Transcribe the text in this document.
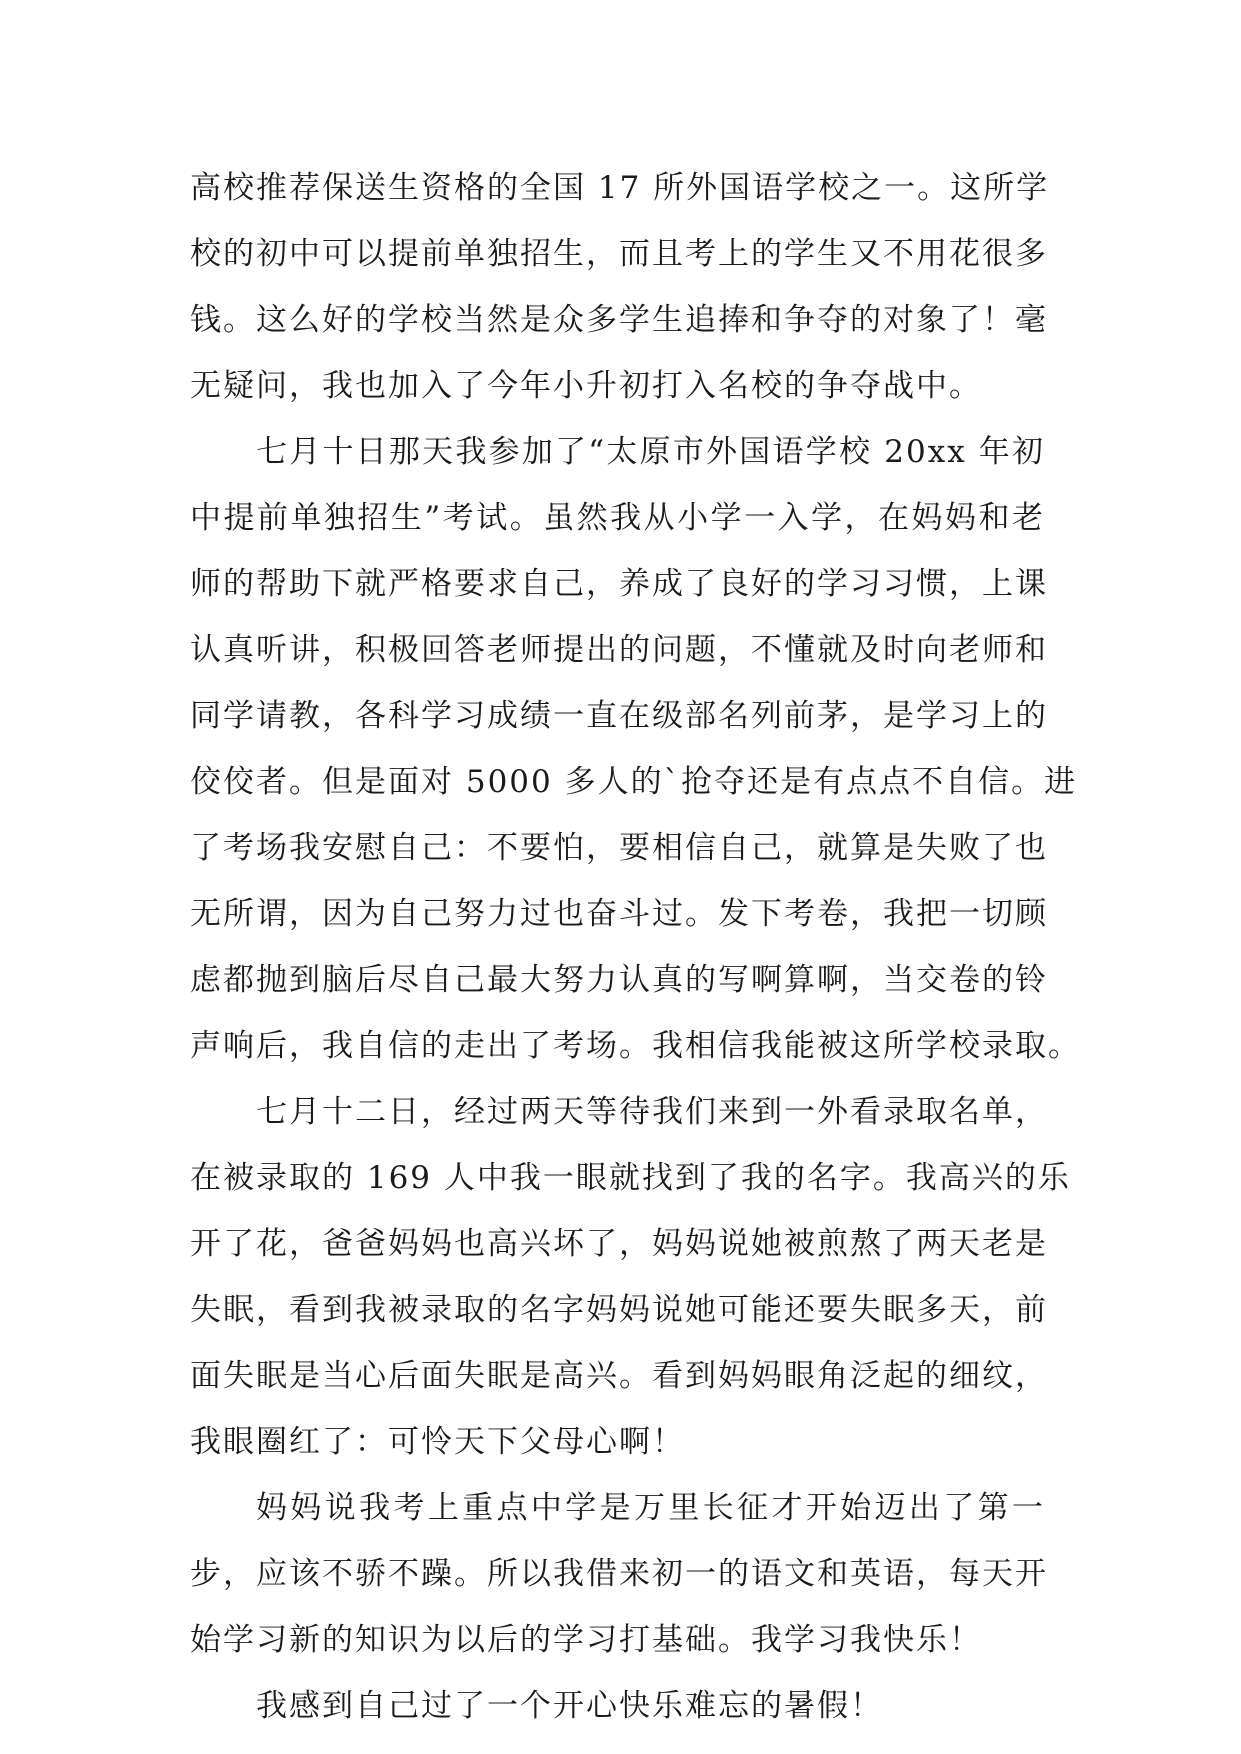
高校推荐保送生资格的全国 17 所外国语学校之一。这所学
校的初中可以提前单独招生，而且考上的学生又不用花很多
钱。这么好的学校当然是众多学生追捧和争夺的对象了！毫
无疑问，我也加入了今年小升初打入名校的争夺战中。
七月十日那天我参加了“太原市外国语学校 20xx 年初
中提前单独招生”考试。虽然我从小学一入学，在妈妈和老
师的帮助下就严格要求自己，养成了良好的学习习惯，上课
认真听讲，积极回答老师提出的问题，不懂就及时向老师和
同学请教，各科学习成绩一直在级部名列前茅，是学习上的
佼佼者。但是面对 5000 多人的`抢夺还是有点点不自信。进
了考场我安慰自己：不要怕，要相信自己，就算是失败了也
无所谓，因为自己努力过也奋斗过。发下考卷，我把一切顾
虑都抛到脑后尽自己最大努力认真的写啊算啊，当交卷的铃
声响后，我自信的走出了考场。我相信我能被这所学校录取。
七月十二日，经过两天等待我们来到一外看录取名单，
在被录取的 169 人中我一眼就找到了我的名字。我高兴的乐
开了花，爸爸妈妈也高兴坏了，妈妈说她被煎熬了两天老是
失眠，看到我被录取的名字妈妈说她可能还要失眠多天，前
面失眠是当心后面失眠是高兴。看到妈妈眼角泛起的细纹，
我眼圈红了：可怜天下父母心啊！
妈妈说我考上重点中学是万里长征才开始迈出了第一
步，应该不骄不躁。所以我借来初一的语文和英语，每天开
始学习新的知识为以后的学习打基础。我学习我快乐！
我感到自己过了一个开心快乐难忘的暑假！
